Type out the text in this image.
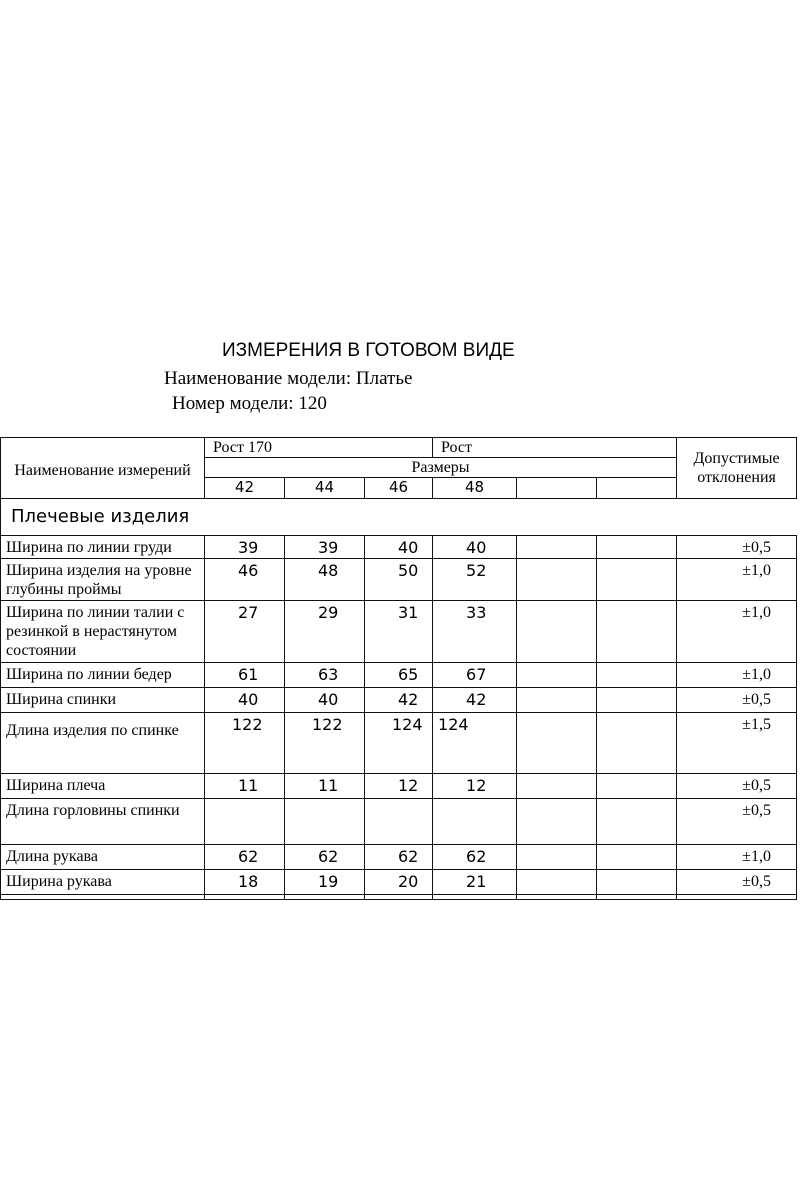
ИЗМЕРЕНИЯ В ГОТОВОМ ВИДЕ
Наименование модели: Платье
Номер модели: 120
Наименование измерений	Рост 170			Рост			Допустимые отклонения
	Размеры						
	42	44	46	48			
Плечевые изделия							
Ширина по линии груди	39	39	40	40			±0,5
Ширина изделия на уровне глубины проймы	46	48	50	52			±1,0
Ширина по линии талии с резинкой в нерастянутом состоянии	27	29	31	33			±1,0
Ширина по линии бедер	61	63	65	67			±1,0
Ширина спинки	40	40	42	42			±0,5
Длина изделия по спинке	122	122	124	124			±1,5
Ширина плеча	11	11	12	12			±0,5
Длина горловины спинки							±0,5
Длина рукава	62	62	62	62			±1,0
Ширина рукава	18	19	20	21			±0,5
